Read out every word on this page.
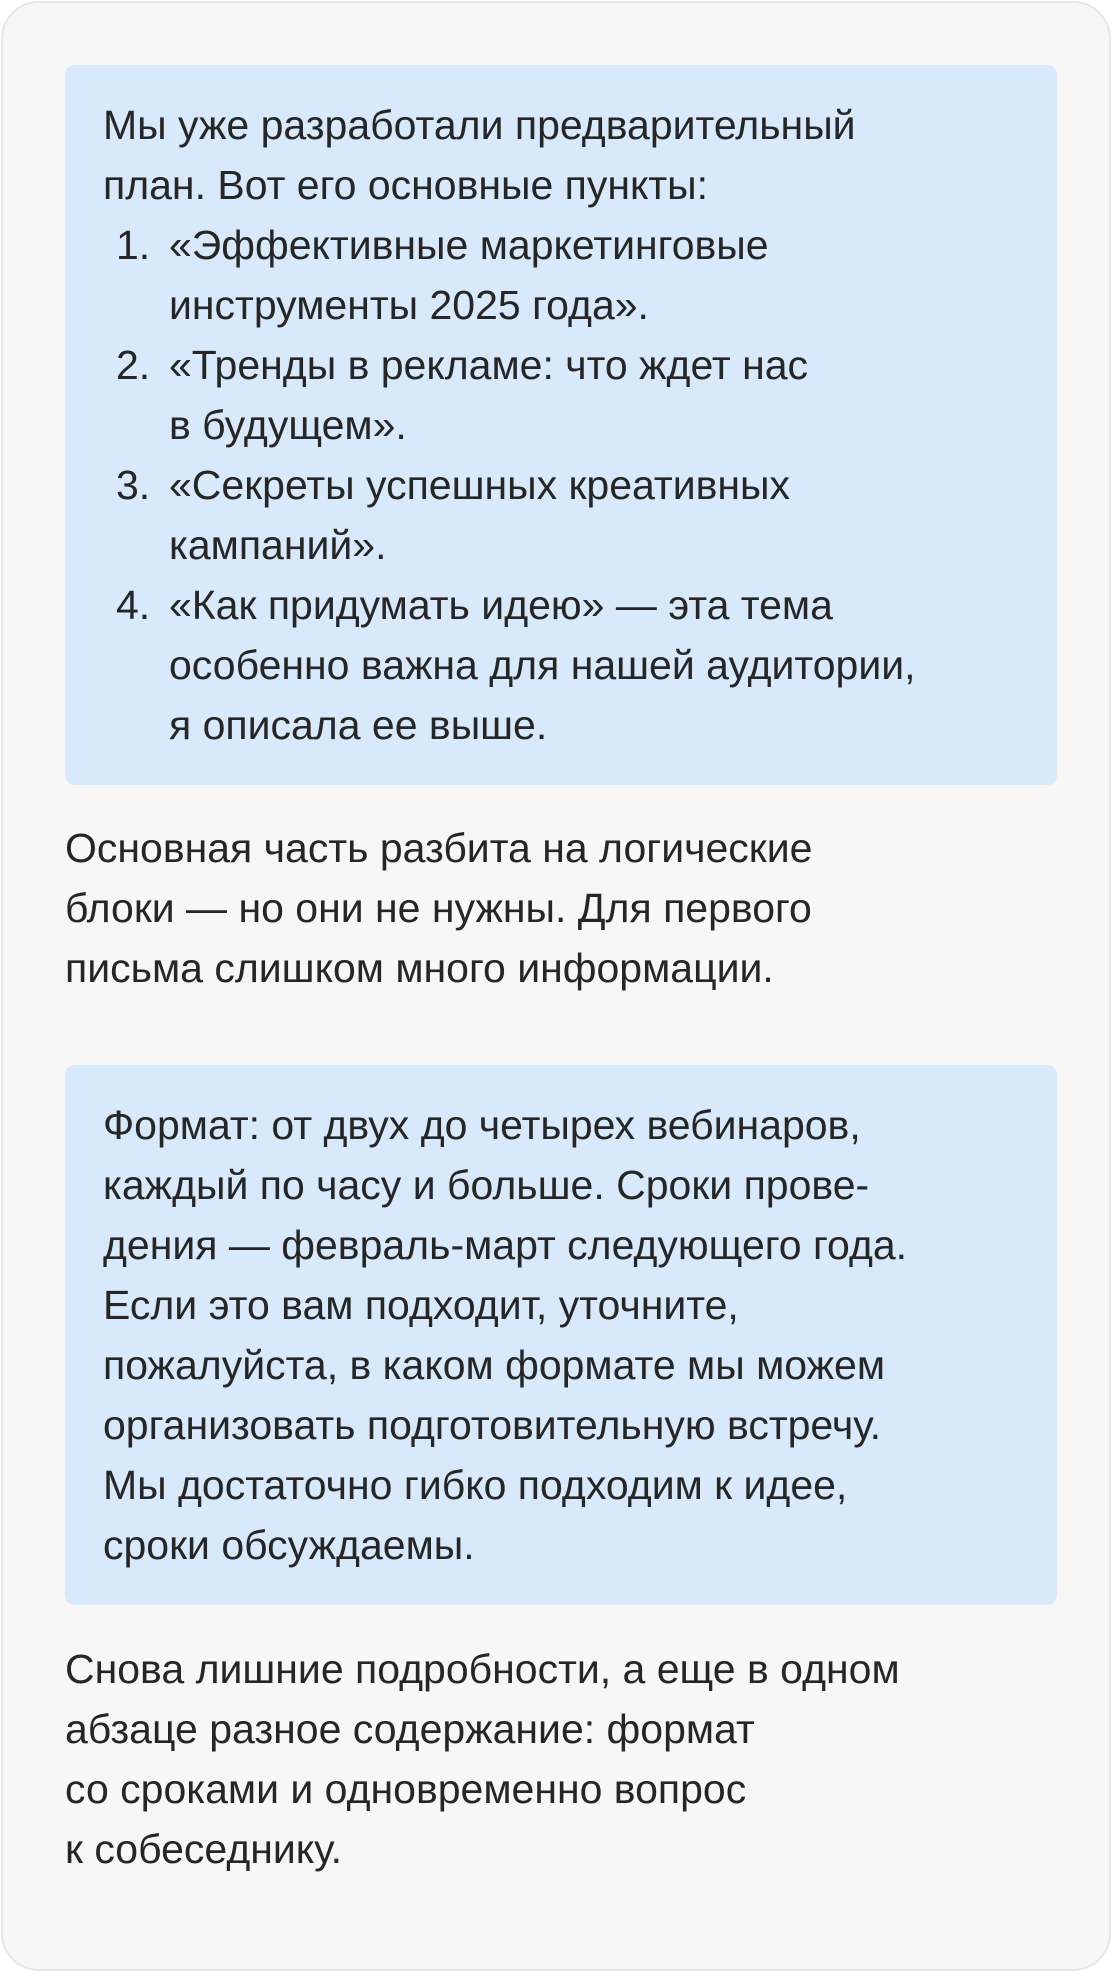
Мы уже разработали предварительный
план. Вот его основные пункты:

1. «Эффективные маркетинговые
инструменты 2025 года».
2. «Тренды в рекламе: что ждет нас
в будущем».
3. «Секреты успешных креативных
кампаний».
4. «Как придумать идею» — эта тема
особенно важна для нашей аудитории,
я описала ее выше.

Основная часть разбита на логические
блоки — но они не нужны. Для первого
письма слишком много информации.

Формат: от двух до четырех вебинаров,
каждый по часу и больше. Сроки прове-
дения — февраль-март следующего года.
Если это вам подходит, уточните,
пожалуйста, в каком формате мы можем
организовать подготовительную встречу.
Мы достаточно гибко подходим к идее,
сроки обсуждаемы.

Снова лишние подробности, а еще в одном
абзаце разное содержание: формат
со сроками и одновременно вопрос
к собеседнику.
